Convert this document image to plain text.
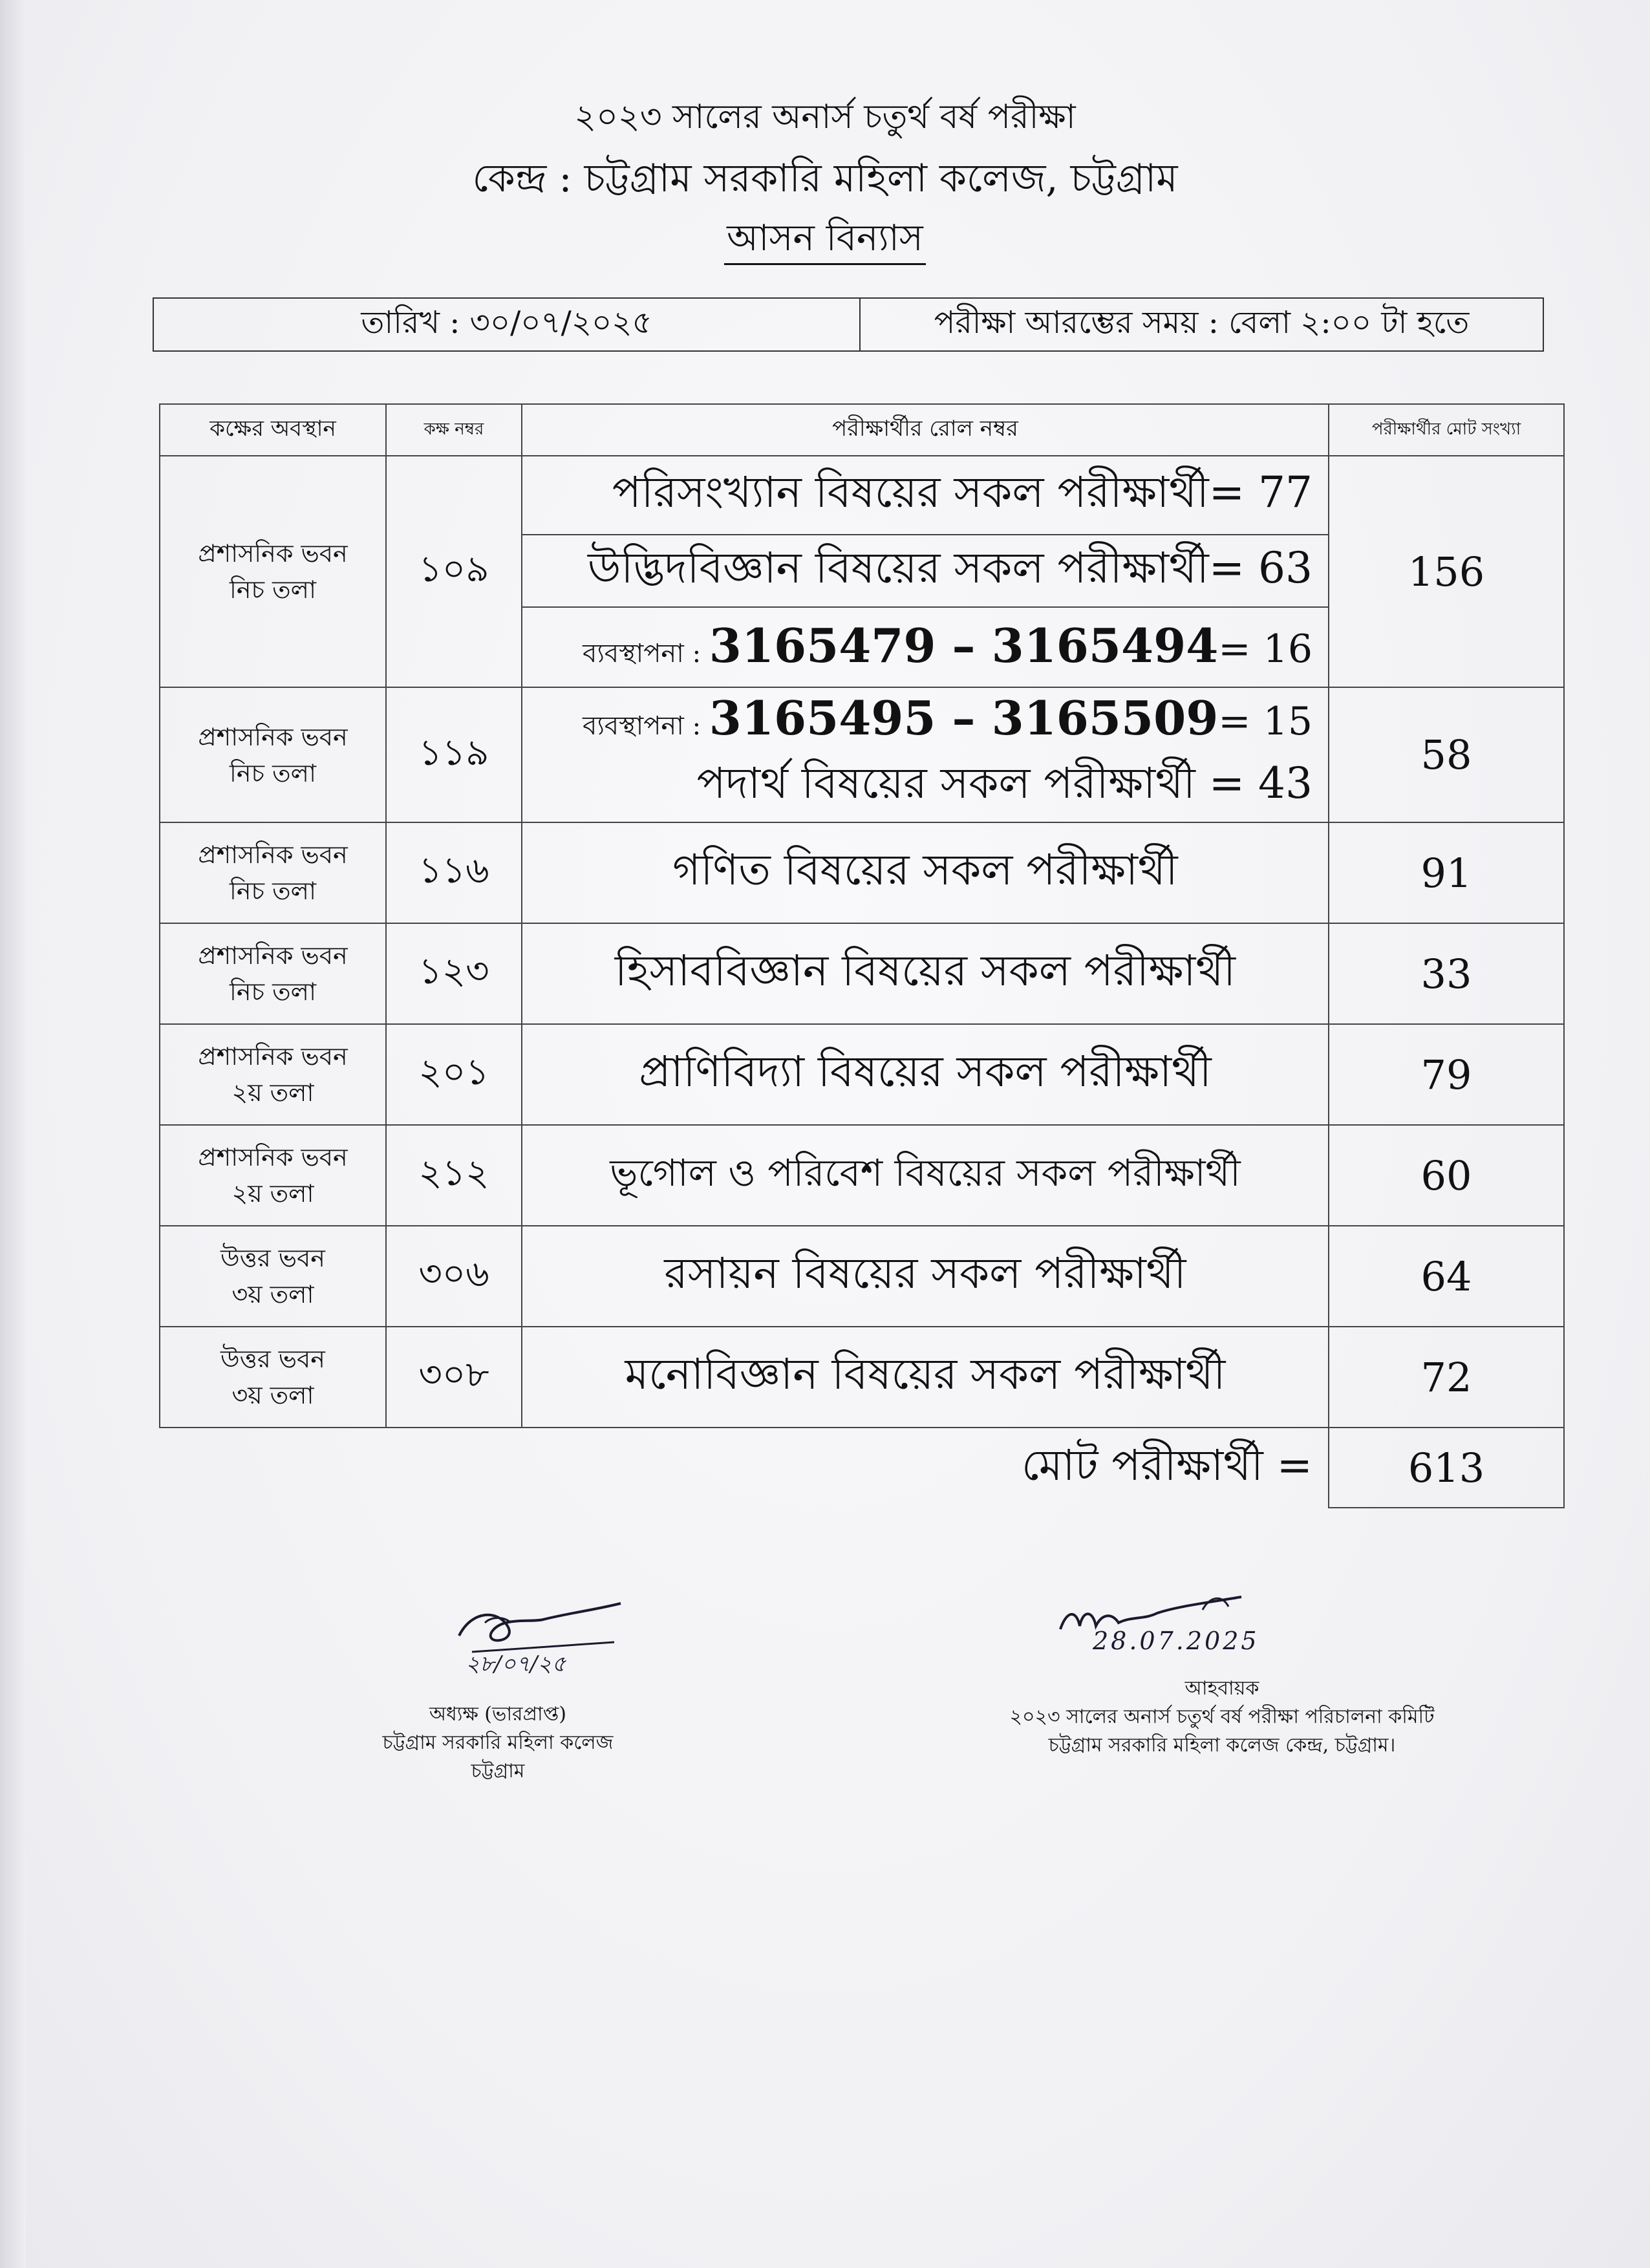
২০২৩ সালের অনার্স চতুর্থ বর্ষ পরীক্ষা
কেন্দ্র : চট্টগ্রাম সরকারি মহিলা কলেজ, চট্টগ্রাম
আসন বিন্যাস
তারিখ : ৩০/০৭/২০২৫	পরীক্ষা আরম্ভের সময় : বেলা ২:০০ টা হতে
কক্ষের অবস্থান	কক্ষ নম্বর	পরীক্ষার্থীর রোল নম্বর	পরীক্ষার্থীর মোট সংখ্যা

প্রশাসনিক ভবন
নিচ তলা	১০৯	পরিসংখ্যান বিষয়ের সকল পরীক্ষার্থী= 77	156
		উদ্ভিদবিজ্ঞান বিষয়ের সকল পরীক্ষার্থী= 63	
		ব্যবস্থাপনা : 3165479 – 3165494= 16	

প্রশাসনিক ভবন
নিচ তলা	১১৯	ব্যবস্থাপনা : 3165495 – 3165509= 15	58
		পদার্থ বিষয়ের সকল পরীক্ষার্থী = 43	

প্রশাসনিক ভবন
নিচ তলা	১১৬	গণিত বিষয়ের সকল পরীক্ষার্থী	91

প্রশাসনিক ভবন
নিচ তলা	১২৩	হিসাববিজ্ঞান বিষয়ের সকল পরীক্ষার্থী	33

প্রশাসনিক ভবন
২য় তলা	২০১	প্রাণিবিদ্যা বিষয়ের সকল পরীক্ষার্থী	79

প্রশাসনিক ভবন
২য় তলা	২১২	ভূগোল ও পরিবেশ বিষয়ের সকল পরীক্ষার্থী	60

উত্তর ভবন
৩য় তলা	৩০৬	রসায়ন বিষয়ের সকল পরীক্ষার্থী	64

উত্তর ভবন
৩য় তলা	৩০৮	মনোবিজ্ঞান বিষয়ের সকল পরীক্ষার্থী	72
মোট পরীক্ষার্থী =			613
২৮/০৭/২৫
অধ্যক্ষ (ভারপ্রাপ্ত)
চট্টগ্রাম সরকারি মহিলা কলেজ
চট্টগ্রাম
28.07.2025
আহবায়ক
২০২৩ সালের অনার্স চতুর্থ বর্ষ পরীক্ষা পরিচালনা কমিটি
চট্টগ্রাম সরকারি মহিলা কলেজ কেন্দ্র, চট্টগ্রাম।
